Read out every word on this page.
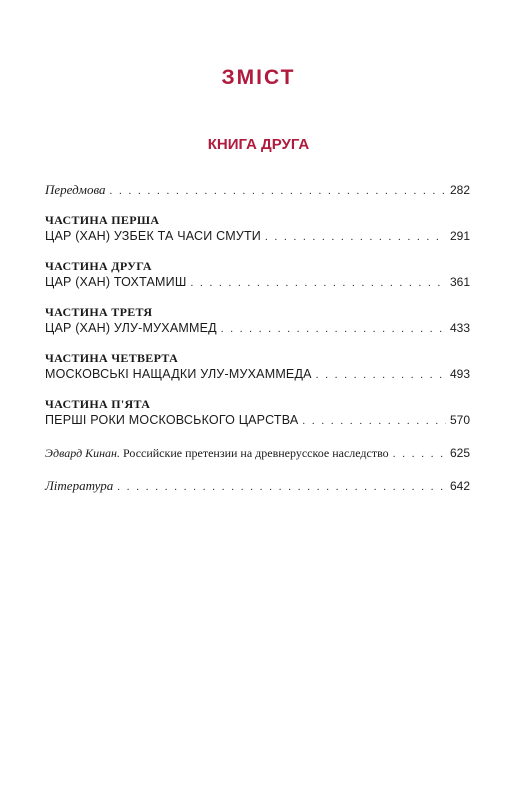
ЗМІСТ
КНИГА ДРУГА
Передмова . . .	282
ЧАСТИНА ПЕРША
ЦАР (ХАН) УЗБЕК ТА ЧАСИ СМУТИ . . .	291
ЧАСТИНА ДРУГА
ЦАР (ХАН) ТОХТАМИШ . . .	361
ЧАСТИНА ТРЕТЯ
ЦАР (ХАН) УЛУ-МУХАММЕД . . .	433
ЧАСТИНА ЧЕТВЕРТА
МОСКОВСЬКІ НАЩАДКИ УЛУ-МУХАММЕДА . . .	493
ЧАСТИНА П'ЯТА
ПЕРШІ РОКИ МОСКОВСЬКОГО ЦАРСТВА . . .	570
Эдвард Кинан. Российские претензии на древнерусское наследство . . .	625
Література . . .	642
